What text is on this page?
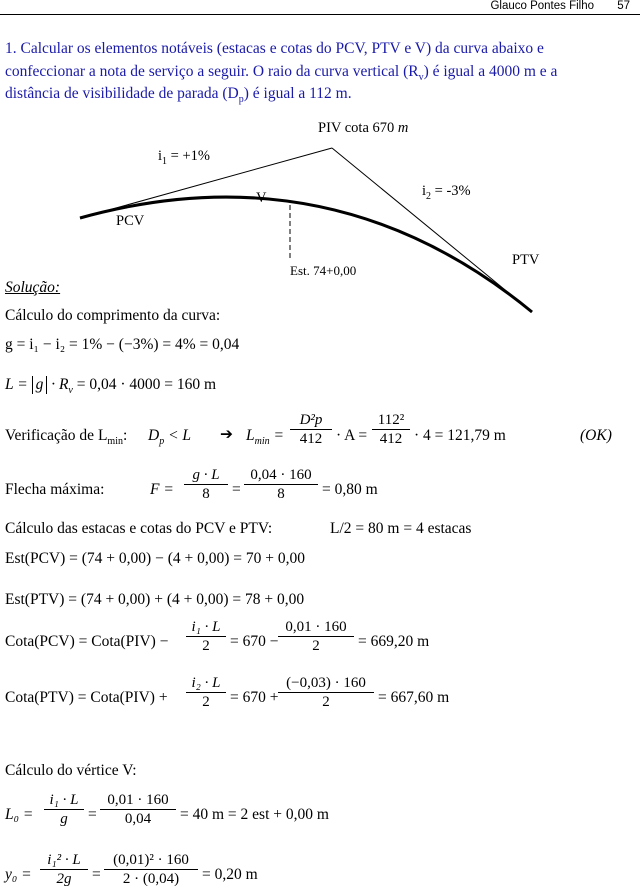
Glauco Pontes Filho 57
1. Calcular os elementos notáveis (estacas e cotas do PCV, PTV e V) da curva abaixo e
confeccionar a nota de serviço a seguir. O raio da curva vertical $(R_v)$ é igual a 4000 m e a
distância de visibilidade de parada $(D_p)$ é igual a 112 m.
PIV cota 670 m
$i_1 = +1\%$
$i_2 = -3\%$
V
PCV
PTV
Est. 74+0,00
Solução:
Cálculo do comprimento da curva:
g = i₁ − i₂ = 1% − (−3%) = 4% = 0,04
$L = g \cdot R_v = 0,04 \cdot 4000 = 160$ m
Verificação de $L_{min}$: $D_p < L$ ➔ $L_{min}$ =
D²p
412 · A =
112²
412 · 4 = 121,79 m	(OK)
Flecha máxima:	F =
g · L
8	=
0,04 · 160
8	= 0,80 m
Cálculo das estacas e cotas do PCV e PTV:	L/2 = 80 m = 4 estacas
Est(PCV) = (74 + 0,00) − (4 + 0,00) = 70 + 0,00
Est(PTV) = (74 + 0,00) + (4 + 0,00) = 78 + 0,00
Cota(PCV) = Cota(PIV) −
i₁ · L
2	= 670 −
0,01 · 160
2	= 669,20 m
Cota(PTV) = Cota(PIV) +
i₂ · L
2	= 670 +
(−0,03) · 160
2	= 667,60 m
Cálculo do vértice V:
L₀ =
i₁ · L
g	=
0,01 · 160
0,04	= 40 m = 2 est + 0,00 m
y₀ =
i₁² · L
2g	=
(0,01)² · 160
2 · (0,04)	= 0,20 m
